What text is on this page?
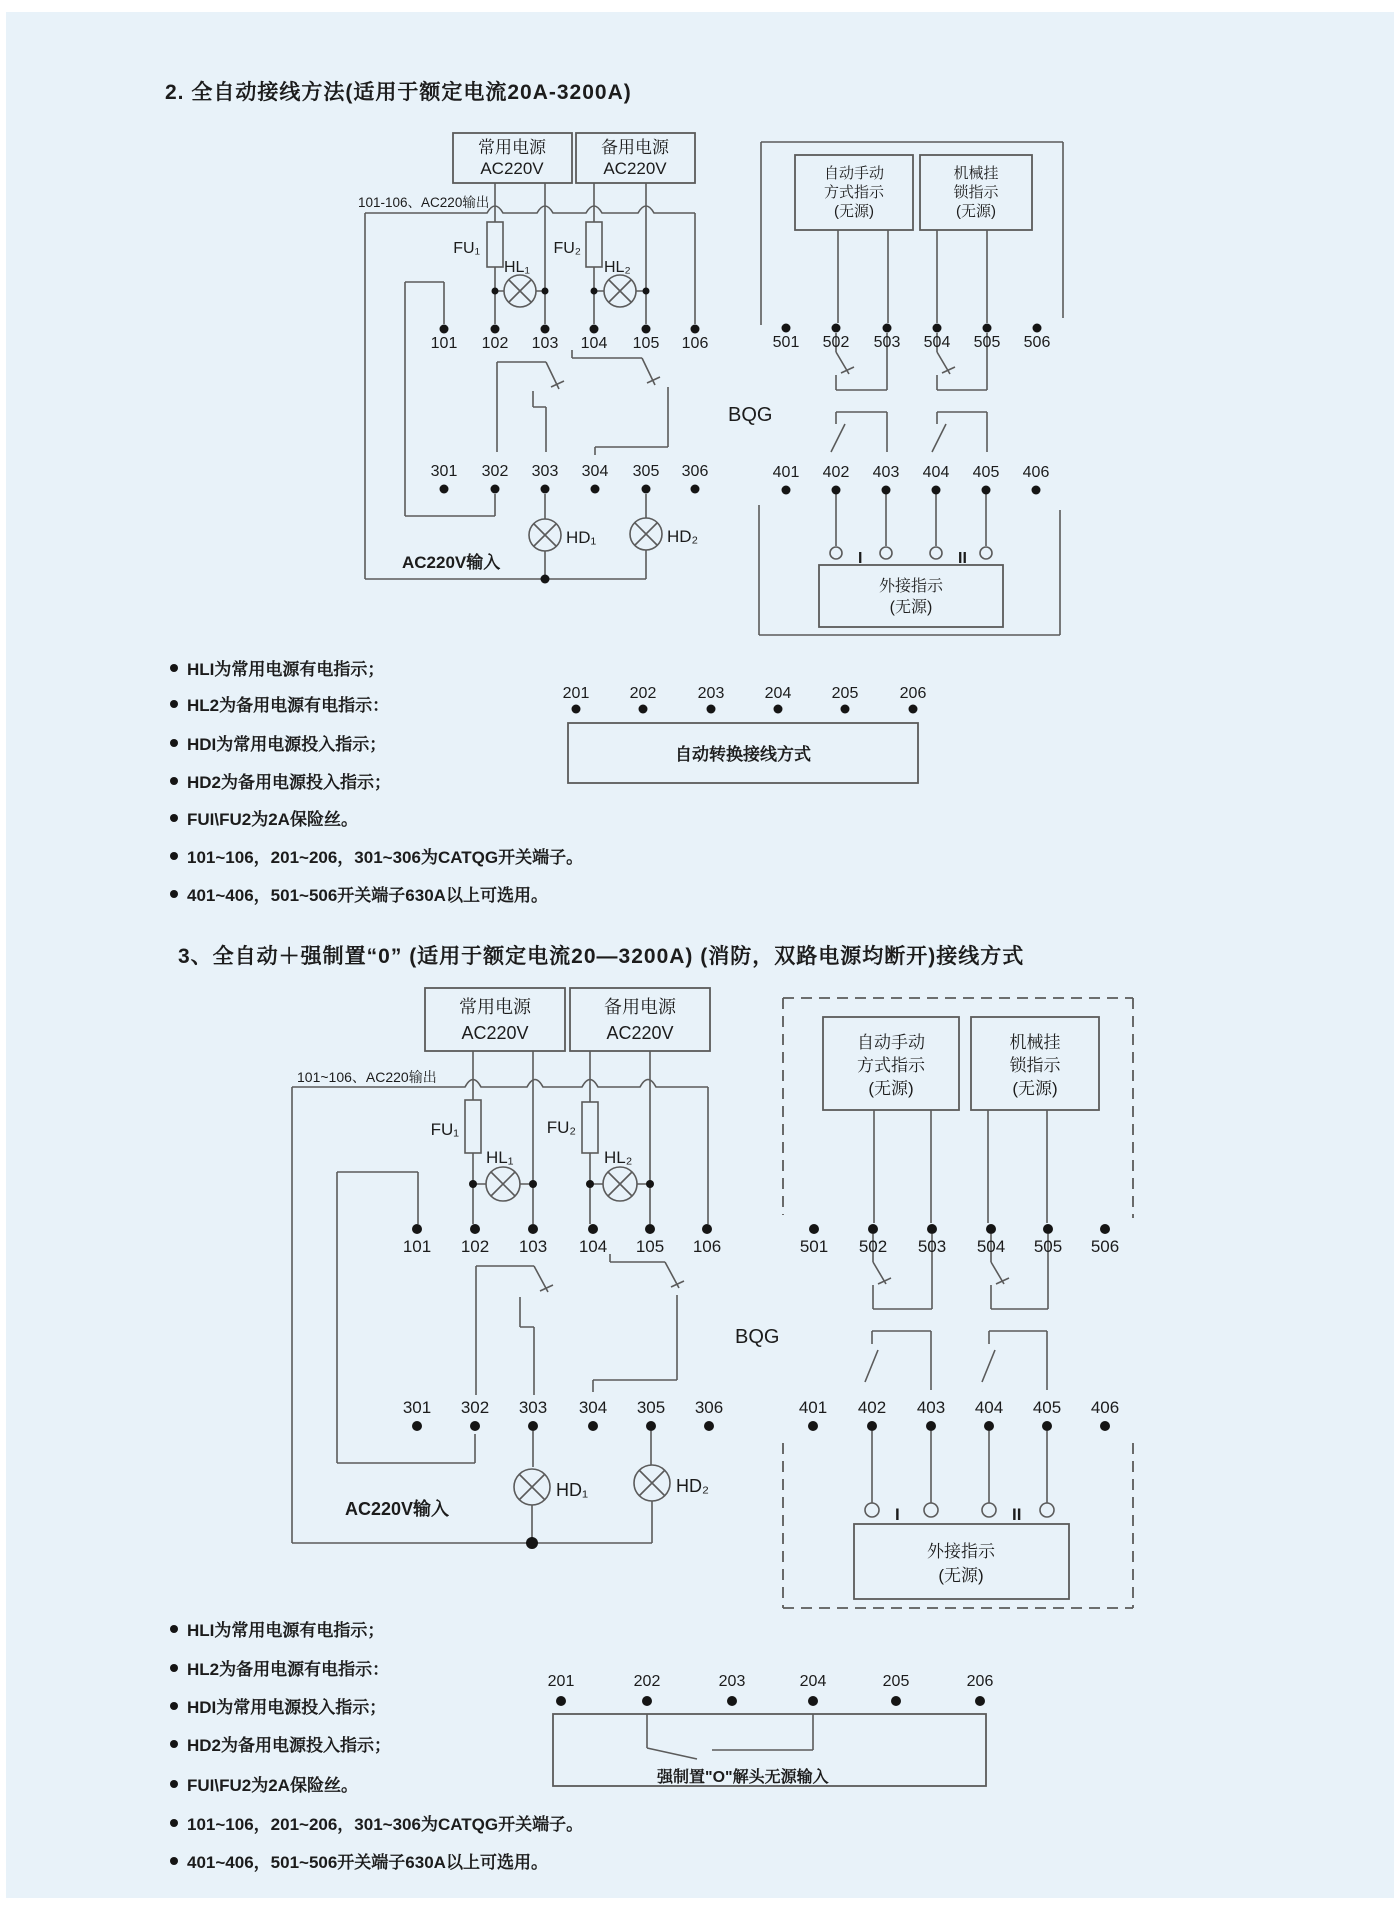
2. 全自动接线方法(适用于额定电流20A-3200A)
常用电源
AC220V
备用电源
AC220V
101-106、AC220输出
FU₁	FU₂
HL₁	HL₂
HD₁	HD₂
AC220V输入
BQG
自动手动
方式指示
(无源)
机械挂
锁指示
(无源)
外接指示
(无源)
I	II
101 102 103 104 105 106
301 302 303 304 305 306
501 502 503 504 505 506
401 402 403 404 405 406
201	202	203	204	205	206
自动转换接线方式
HLI为常用电源有电指示；
HL2为备用电源有电指示：
HDI为常用电源投入指示；
HD2为备用电源投入指示；
FUI\FU2为2A保险丝。
101~106，201~206，301~306为CATQG开关端子。
401~406，501~506开关端子630A以上可选用。
3、全自动＋强制置“0” (适用于额定电流20—3200A) (消防，双路电源均断开)接线方式
常用电源
AC220V
备用电源
AC220V
101~106、AC220输出
FU₁	FU₂
HL₁	HL₂
HD₁	HD₂
AC220V输入
BQG
自动手动
方式指示
(无源)
机械挂
锁指示
(无源)
外接指示
(无源)
I	II
101 102 103 104 105 106
301 302 303 304 305 306
501 502 503 504 505 506
401 402 403 404 405 406
201	202	203	204	205	206
强制置"O"解头无源输入
HLI为常用电源有电指示；
HL2为备用电源有电指示：
HDI为常用电源投入指示；
HD2为备用电源投入指示；
FUI\FU2为2A保险丝。
101~106，201~206，301~306为CATQG开关端子。
401~406，501~506开关端子630A以上可选用。
